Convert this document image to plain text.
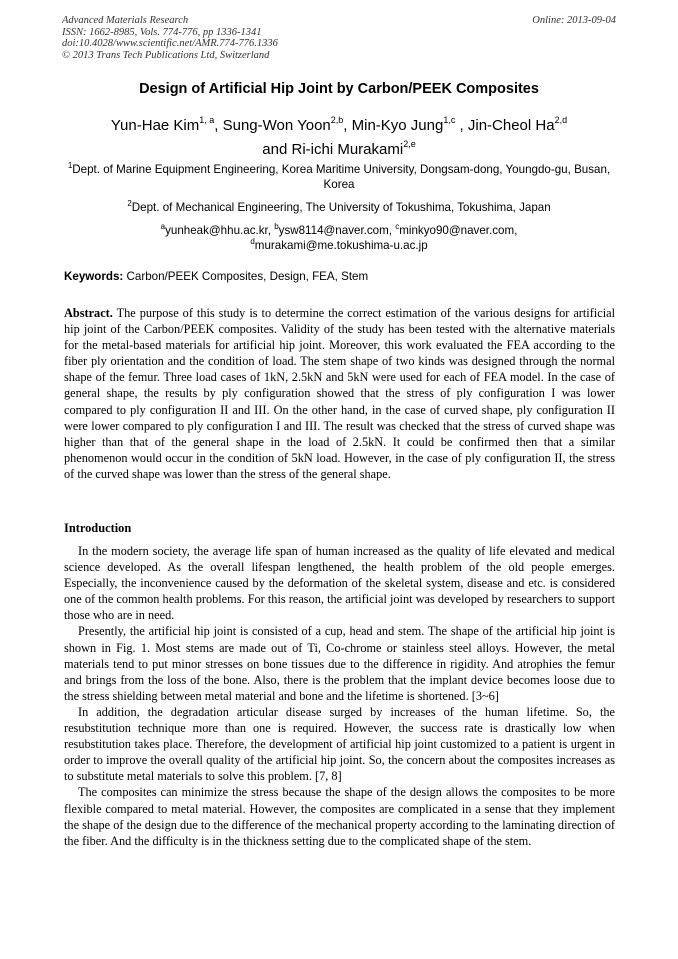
Advanced Materials Research
ISSN: 1662-8985, Vols. 774-776, pp 1336-1341
doi:10.4028/www.scientific.net/AMR.774-776.1336
© 2013 Trans Tech Publications Ltd, Switzerland
Online: 2013-09-04
Design of Artificial Hip Joint by Carbon/PEEK Composites
Yun-Hae Kim$^{1, a}$, Sung-Won Yoon$^{2,b}$, Min-Kyo Jung$^{1,c}$ , Jin-Cheol Ha$^{2,d}$
and Ri-ichi Murakami$^{2,e}$
$^1$Dept. of Marine Equipment Engineering, Korea Maritime University, Dongsam-dong, Youngdo-gu, Busan, Korea
$^2$Dept. of Mechanical Engineering, The University of Tokushima, Tokushima, Japan
$^a$yunheak@hhu.ac.kr, $^b$ysw8114@naver.com, $^c$minkyo90@naver.com,
$^d$murakami@me.tokushima-u.ac.jp
Keywords: Carbon/PEEK Composites, Design, FEA, Stem
Abstract. The purpose of this study is to determine the correct estimation of the various designs for artificial hip joint of the Carbon/PEEK composites. Validity of the study has been tested with the alternative materials for the metal-based materials for artificial hip joint. Moreover, this work evaluated the FEA according to the fiber ply orientation and the condition of load. The stem shape of two kinds was designed through the normal shape of the femur. Three load cases of 1kN, 2.5kN and 5kN were used for each of FEA model. In the case of general shape, the results by ply configuration showed that the stress of ply configuration I was lower compared to ply configuration II and III. On the other hand, in the case of curved shape, ply configuration II were lower compared to ply configuration I and III. The result was checked that the stress of curved shape was higher than that of the general shape in the load of 2.5kN. It could be confirmed then that a similar phenomenon would occur in the condition of 5kN load. However, in the case of ply configuration II, the stress of the curved shape was lower than the stress of the general shape.
Introduction

In the modern society, the average life span of human increased as the quality of life elevated and medical science developed. As the overall lifespan lengthened, the health problem of the old people emerges. Especially, the inconvenience caused by the deformation of the skeletal system, disease and etc. is considered one of the common health problems. For this reason, the artificial joint was developed by researchers to support those who are in need.

Presently, the artificial hip joint is consisted of a cup, head and stem. The shape of the artificial hip joint is shown in Fig. 1. Most stems are made out of Ti, Co-chrome or stainless steel alloys. However, the metal materials tend to put minor stresses on bone tissues due to the difference in rigidity. And atrophies the femur and brings from the loss of the bone. Also, there is the problem that the implant device becomes loose due to the stress shielding between metal material and bone and the lifetime is shortened. [3~6]

In addition, the degradation articular disease surged by increases of the human lifetime. So, the resubstitution technique more than one is required. However, the success rate is drastically low when resubstitution takes place. Therefore, the development of artificial hip joint customized to a patient is urgent in order to improve the overall quality of the artificial hip joint. So, the concern about the composites increases as to substitute metal materials to solve this problem. [7, 8]

The composites can minimize the stress because the shape of the design allows the composites to be more flexible compared to metal material. However, the composites are complicated in a sense that they implement the shape of the design due to the difference of the mechanical property according to the laminating direction of the fiber. And the difficulty is in the thickness setting due to the complicated shape of the stem.
